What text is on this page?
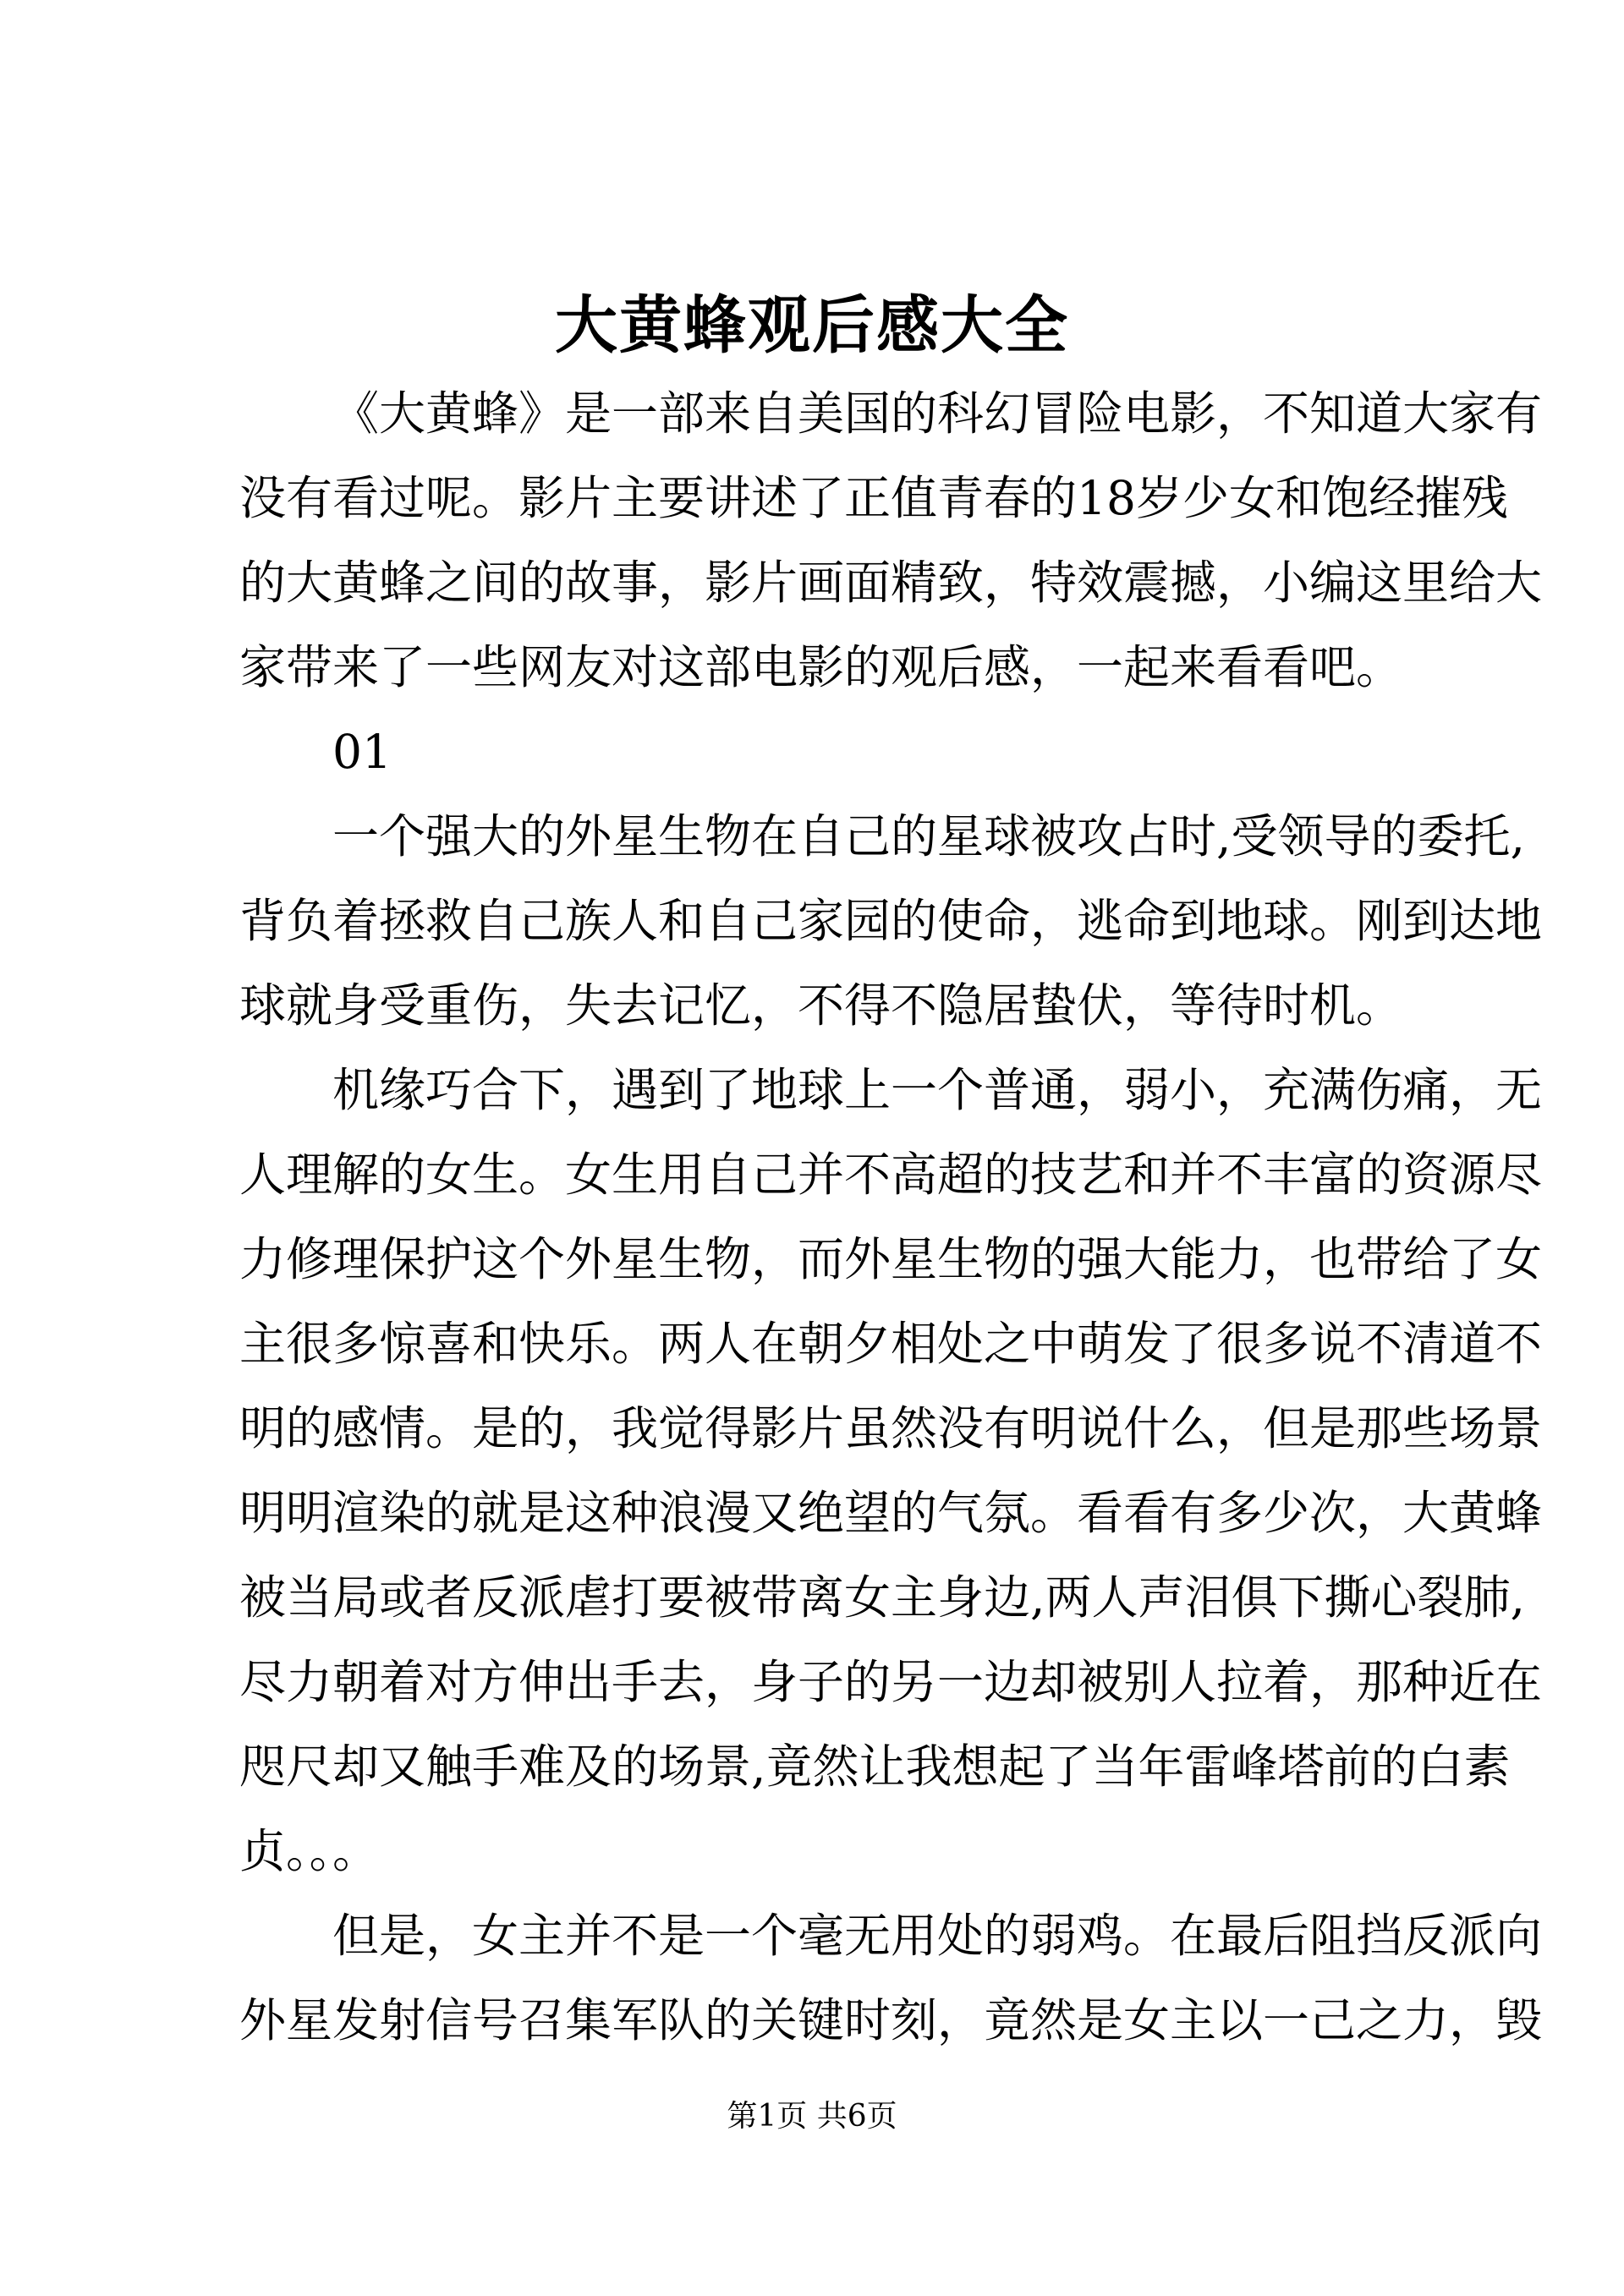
大黄蜂观后感大全
《大黄蜂》是一部来自美国的科幻冒险电影，不知道大家有
没有看过呢。影片主要讲述了正值青春的18岁少女和饱经摧残
的大黄蜂之间的故事，影片画面精致，特效震撼，小编这里给大
家带来了一些网友对这部电影的观后感，一起来看看吧。
01
一个强大的外星生物在自己的星球被攻占时,受领导的委托,
背负着拯救自己族人和自己家园的使命，逃命到地球。刚到达地
球就身受重伤，失去记忆，不得不隐居蛰伏，等待时机。
机缘巧合下，遇到了地球上一个普通，弱小，充满伤痛，无
人理解的女生。女生用自己并不高超的技艺和并不丰富的资源尽
力修理保护这个外星生物，而外星生物的强大能力，也带给了女
主很多惊喜和快乐。两人在朝夕相处之中萌发了很多说不清道不
明的感情。是的，我觉得影片虽然没有明说什么，但是那些场景
明明渲染的就是这种浪漫又绝望的气氛。看看有多少次，大黄蜂
被当局或者反派虐打要被带离女主身边,两人声泪俱下撕心裂肺,
尽力朝着对方伸出手去，身子的另一边却被别人拉着，那种近在
咫尺却又触手难及的场景,竟然让我想起了当年雷峰塔前的白素
贞。。。
但是，女主并不是一个毫无用处的弱鸡。在最后阻挡反派向
外星发射信号召集军队的关键时刻，竟然是女主以一己之力，毁
第1页 共6页
